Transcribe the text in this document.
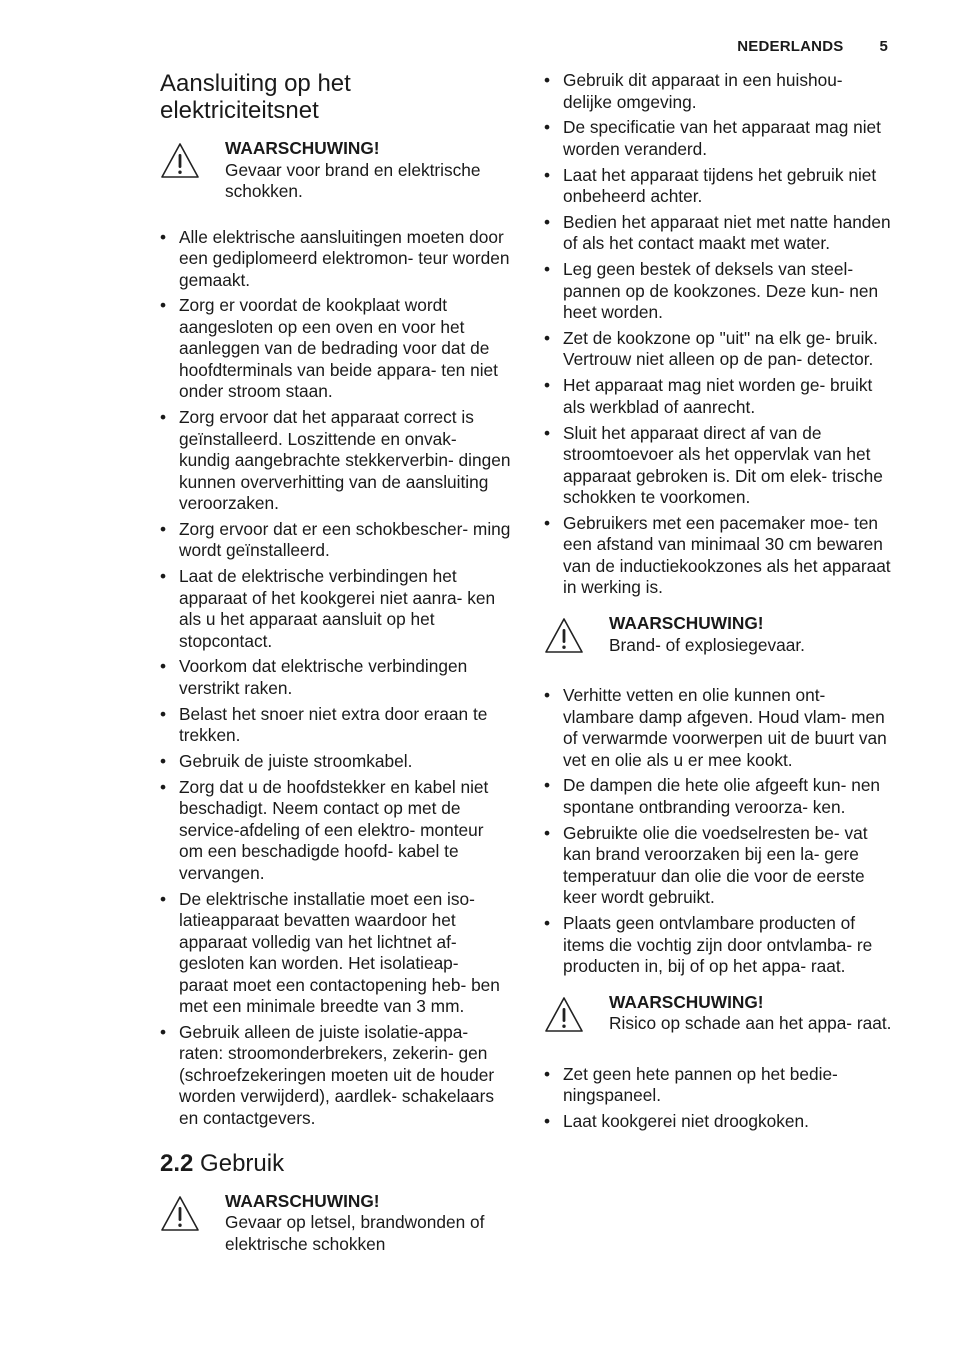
NEDERLANDS 5
Aansluiting op het elektriciteitsnet
WAARSCHUWING!
Gevaar voor brand en elektrische schokken.
• Alle elektrische aansluitingen moeten door een gediplomeerd elektromon- teur worden gemaakt.
• Zorg er voordat de kookplaat wordt aangesloten op een oven en voor het aanleggen van de bedrading voor dat de hoofdterminals van beide appara- ten niet onder stroom staan.
• Zorg ervoor dat het apparaat correct is geïnstalleerd. Loszittende en onvak- kundig aangebrachte stekkerverbin- dingen kunnen oververhitting van de aansluiting veroorzaken.
• Zorg ervoor dat er een schokbescher- ming wordt geïnstalleerd.
• Laat de elektrische verbindingen het apparaat of het kookgerei niet aanra- ken als u het apparaat aansluit op het stopcontact.
• Voorkom dat elektrische verbindingen verstrikt raken.
• Belast het snoer niet extra door eraan te trekken.
• Gebruik de juiste stroomkabel.
• Zorg dat u de hoofdstekker en kabel niet beschadigt. Neem contact op met de service-afdeling of een elektro- monteur om een beschadigde hoofd- kabel te vervangen.
• De elektrische installatie moet een iso- latieapparaat bevatten waardoor het apparaat volledig van het lichtnet af- gesloten kan worden. Het isolatieap- paraat moet een contactopening heb- ben met een minimale breedte van 3 mm.
• Gebruik alleen de juiste isolatie-appa- raten: stroomonderbrekers, zekerin- gen (schroefzekeringen moeten uit de houder worden verwijderd), aardlek- schakelaars en contactgevers.
2.2 Gebruik
WAARSCHUWING!
Gevaar op letsel, brandwonden of elektrische schokken
• Gebruik dit apparaat in een huishou- delijke omgeving.
• De specificatie van het apparaat mag niet worden veranderd.
• Laat het apparaat tijdens het gebruik niet onbeheerd achter.
• Bedien het apparaat niet met natte handen of als het contact maakt met water.
• Leg geen bestek of deksels van steel- pannen op de kookzones. Deze kun- nen heet worden.
• Zet de kookzone op "uit" na elk ge- bruik. Vertrouw niet alleen op de pan- detector.
• Het apparaat mag niet worden ge- bruikt als werkblad of aanrecht.
• Sluit het apparaat direct af van de stroomtoevoer als het oppervlak van het apparaat gebroken is. Dit om elek- trische schokken te voorkomen.
• Gebruikers met een pacemaker moe- ten een afstand van minimaal 30 cm bewaren van de inductiekookzones als het apparaat in werking is.
WAARSCHUWING!
Brand- of explosiegevaar.
• Verhitte vetten en olie kunnen ont- vlambare damp afgeven. Houd vlam- men of verwarmde voorwerpen uit de buurt van vet en olie als u er mee kookt.
• De dampen die hete olie afgeeft kun- nen spontane ontbranding veroorza- ken.
• Gebruikte olie die voedselresten be- vat kan brand veroorzaken bij een la- gere temperatuur dan olie die voor de eerste keer wordt gebruikt.
• Plaats geen ontvlambare producten of items die vochtig zijn door ontvlamba- re producten in, bij of op het appa- raat.
WAARSCHUWING!
Risico op schade aan het appa- raat.
• Zet geen hete pannen op het bedie- ningspaneel.
• Laat kookgerei niet droogkoken.
